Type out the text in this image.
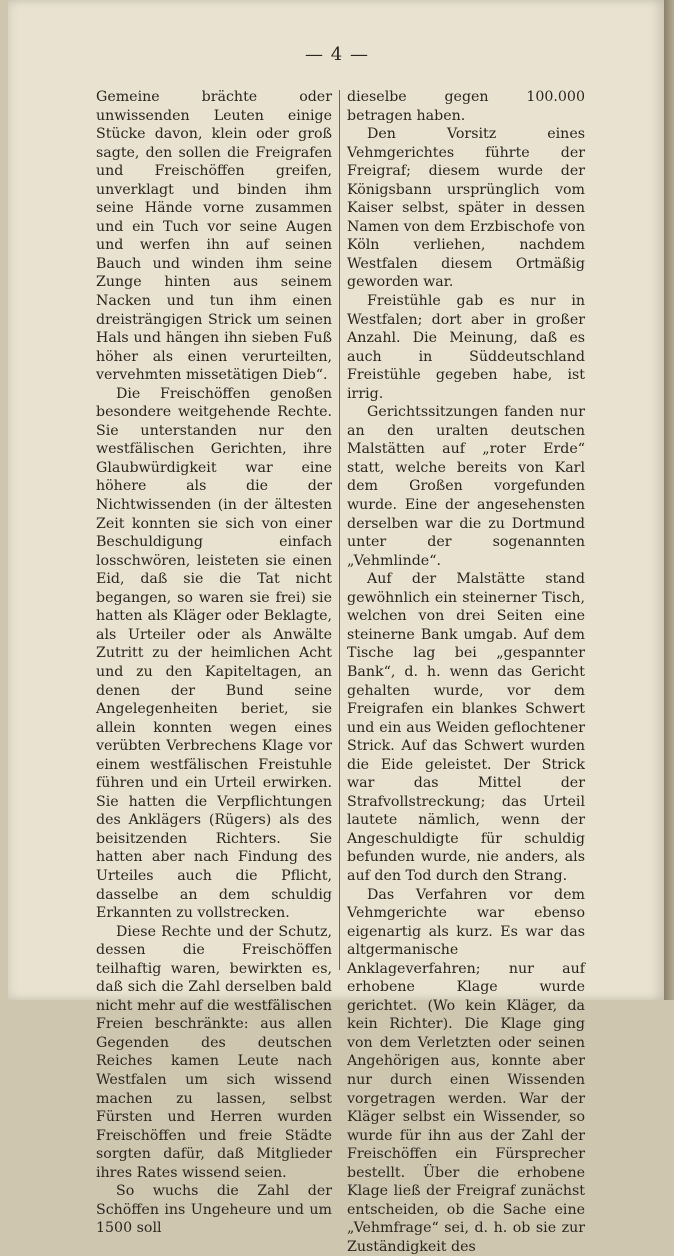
— 4 —

Gemeine brächte oder unwissenden Leuten einige Stücke davon, klein oder groß sagte, den sollen die Freigrafen und Freischöffen greifen, unverklagt und binden ihm seine Hände vorne zusammen und ein Tuch vor seine Augen und werfen ihn auf seinen Bauch und winden ihm seine Zunge hinten aus seinem Nacken und tun ihm einen dreisträngigen Strick um seinen Hals und hängen ihn sieben Fuß höher als einen verurteilten, vervehmten missetätigen Dieb“.

Die Freischöffen genoßen besondere weitgehende Rechte. Sie unterstanden nur den westfälischen Gerichten, ihre Glaubwürdigkeit war eine höhere als die der Nichtwissenden (in der ältesten Zeit konnten sie sich von einer Beschuldigung einfach losschwören, leisteten sie einen Eid, daß sie die Tat nicht begangen, so waren sie frei) sie hatten als Kläger oder Beklagte, als Urteiler oder als Anwälte Zutritt zu der heimlichen Acht und zu den Kapiteltagen, an denen der Bund seine Angelegenheiten beriet, sie allein konnten wegen eines verübten Verbrechens Klage vor einem westfälischen Freistuhle führen und ein Urteil erwirken. Sie hatten die Verpflichtungen des Anklägers (Rügers) als des beisitzenden Richters. Sie hatten aber nach Findung des Urteiles auch die Pflicht, dasselbe an dem schuldig Erkannten zu vollstrecken.

Diese Rechte und der Schutz, dessen die Freischöffen teilhaftig waren, bewirkten es, daß sich die Zahl derselben bald nicht mehr auf die westfälischen Freien beschränkte: aus allen Gegenden des deutschen Reiches kamen Leute nach Westfalen um sich wissend machen zu lassen, selbst Fürsten und Herren wurden Freischöffen und freie Städte sorgten dafür, daß Mitglieder ihres Rates wissend seien.

So wuchs die Zahl der Schöffen ins Ungeheure und um 1500 soll

dieselbe gegen 100.000 betragen haben.

Den Vorsitz eines Vehmgerichtes führte der Freigraf; diesem wurde der Königsbann ursprünglich vom Kaiser selbst, später in dessen Namen von dem Erzbischofe von Köln verliehen, nachdem Westfalen diesem Ortmäßig geworden war.

Freistühle gab es nur in Westfalen; dort aber in großer Anzahl. Die Meinung, daß es auch in Süddeutschland Freistühle gegeben habe, ist irrig.

Gerichtssitzungen fanden nur an den uralten deutschen Malstätten auf „roter Erde“ statt, welche bereits von Karl dem Großen vorgefunden wurde. Eine der angesehensten derselben war die zu Dortmund unter der sogenannten „Vehmlinde“.

Auf der Malstätte stand gewöhnlich ein steinerner Tisch, welchen von drei Seiten eine steinerne Bank umgab. Auf dem Tische lag bei „gespannter Bank“, d. h. wenn das Gericht gehalten wurde, vor dem Freigrafen ein blankes Schwert und ein aus Weiden geflochtener Strick. Auf das Schwert wurden die Eide geleistet. Der Strick war das Mittel der Strafvollstreckung; das Urteil lautete nämlich, wenn der Angeschuldigte für schuldig befunden wurde, nie anders, als auf den Tod durch den Strang.

Das Verfahren vor dem Vehmgerichte war ebenso eigenartig als kurz. Es war das altgermanische Anklageverfahren; nur auf erhobene Klage wurde gerichtet. (Wo kein Kläger, da kein Richter). Die Klage ging von dem Verletzten oder seinen Angehörigen aus, konnte aber nur durch einen Wissenden vorgetragen werden. War der Kläger selbst ein Wissender, so wurde für ihn aus der Zahl der Freischöffen ein Fürsprecher bestellt. Über die erhobene Klage ließ der Freigraf zunächst entscheiden, ob die Sache eine „Vehmfrage“ sei, d. h. ob sie zur Zuständigkeit des
